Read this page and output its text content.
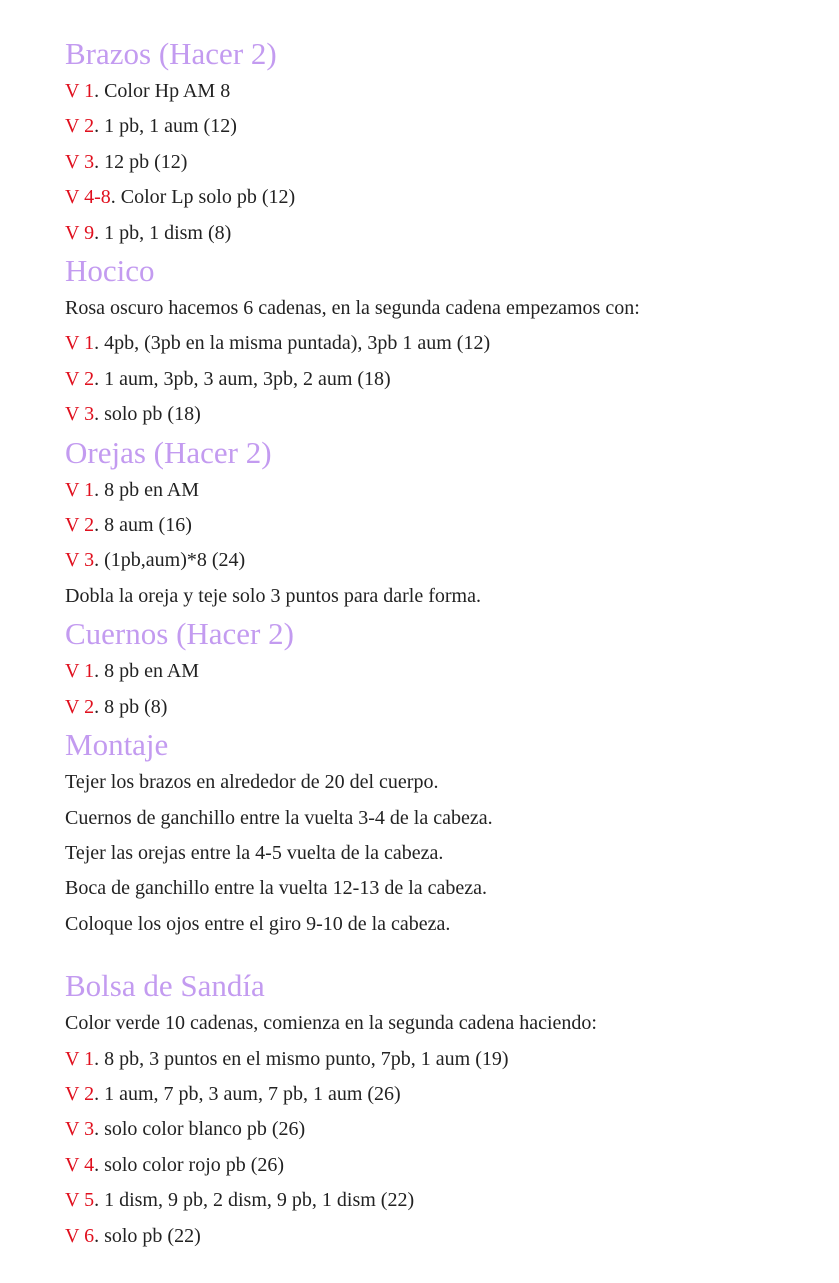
Brazos (Hacer 2)

V 1. Color Hp AM 8

V 2. 1 pb, 1 aum (12)

V 3. 12 pb (12)

V 4-8. Color Lp solo pb (12)

V 9. 1 pb, 1 dism (8)

Hocico

Rosa oscuro hacemos 6 cadenas, en la segunda cadena empezamos con:

V 1. 4pb, (3pb en la misma puntada), 3pb 1 aum (12)

V 2. 1 aum, 3pb, 3 aum, 3pb, 2 aum (18)

V 3. solo pb (18)

Orejas (Hacer 2)

V 1. 8 pb en AM

V 2. 8 aum (16)

V 3. (1pb,aum)*8 (24)

Dobla la oreja y teje solo 3 puntos para darle forma.

Cuernos (Hacer 2)

V 1. 8 pb en AM

V 2. 8 pb (8)

Montaje

Tejer los brazos en alrededor de 20 del cuerpo.

Cuernos de ganchillo entre la vuelta 3-4 de la cabeza.

Tejer las orejas entre la 4-5 vuelta de la cabeza.

Boca de ganchillo entre la vuelta 12-13 de la cabeza.

Coloque los ojos entre el giro 9-10 de la cabeza.

Bolsa de Sandía

Color verde 10 cadenas, comienza en la segunda cadena haciendo:

V 1. 8 pb, 3 puntos en el mismo punto, 7pb, 1 aum (19)

V 2. 1 aum, 7 pb, 3 aum, 7 pb, 1 aum (26)

V 3. solo color blanco pb (26)

V 4. solo color rojo pb (26)

V 5. 1 dism, 9 pb, 2 dism, 9 pb, 1 dism (22)

V 6. solo pb (22)
